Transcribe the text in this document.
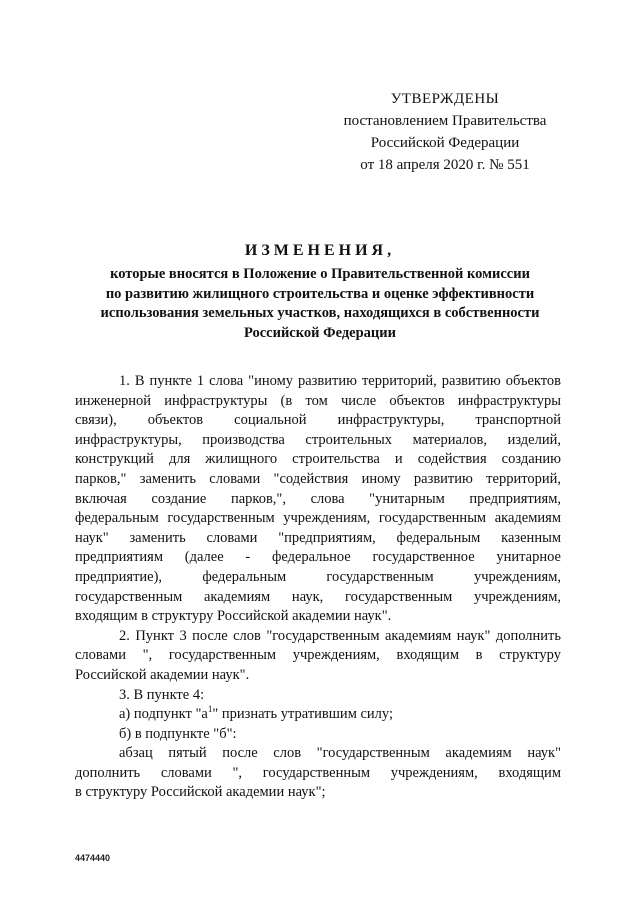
УТВЕРЖДЕНЫ
постановлением Правительства
Российской Федерации
от 18 апреля 2020 г. № 551
ИЗМЕНЕНИЯ,
которые вносятся в Положение о Правительственной комиссии
по развитию жилищного строительства и оценке эффективности
использования земельных участков, находящихся в собственности
Российской Федерации
1. В пункте 1 слова "иному развитию территорий, развитию объектов
инженерной инфраструктуры (в том числе объектов инфраструктуры
связи), объектов социальной инфраструктуры, транспортной
инфраструктуры, производства строительных материалов, изделий,
конструкций для жилищного строительства и содействия созданию
парков," заменить словами "содействия иному развитию территорий,
включая создание парков,", слова "унитарным предприятиям,
федеральным государственным учреждениям, государственным академиям
наук" заменить словами "предприятиям, федеральным казенным
предприятиям (далее - федеральное государственное унитарное
предприятие), федеральным государственным учреждениям,
государственным академиям наук, государственным учреждениям,
входящим в структуру Российской академии наук".
2. Пункт 3 после слов "государственным академиям наук" дополнить
словами ", государственным учреждениям, входящим в структуру
Российской академии наук".
3. В пункте 4:
а) подпункт "$а^1$" признать утратившим силу;
б) в подпункте "б":
абзац пятый после слов "государственным академиям наук"
дополнить словами ", государственным учреждениям, входящим
в структуру Российской академии наук";
4474440
